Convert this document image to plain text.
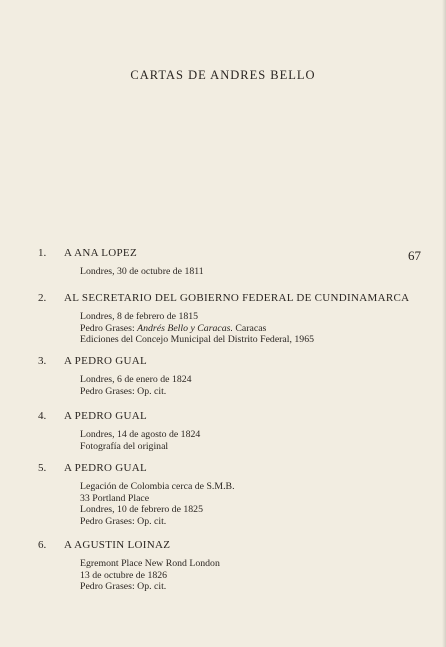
CARTAS DE ANDRES BELLO
67
1.	A ANA LOPEZ
Londres, 30 de octubre de 1811
2.	AL SECRETARIO DEL GOBIERNO FEDERAL DE CUNDINAMARCA
Londres, 8 de febrero de 1815
Pedro Grases: Andrés Bello y Caracas. Caracas
Ediciones del Concejo Municipal del Distrito Federal, 1965
3.	A PEDRO GUAL
Londres, 6 de enero de 1824
Pedro Grases: Op. cit.
4.	A PEDRO GUAL
Londres, 14 de agosto de 1824
Fotografía del original
5.	A PEDRO GUAL
Legación de Colombia cerca de S.M.B.
33 Portland Place
Londres, 10 de febrero de 1825
Pedro Grases: Op. cit.
6.	A AGUSTIN LOINAZ
Egremont Place New Rond London
13 de octubre de 1826
Pedro Grases: Op. cit.
